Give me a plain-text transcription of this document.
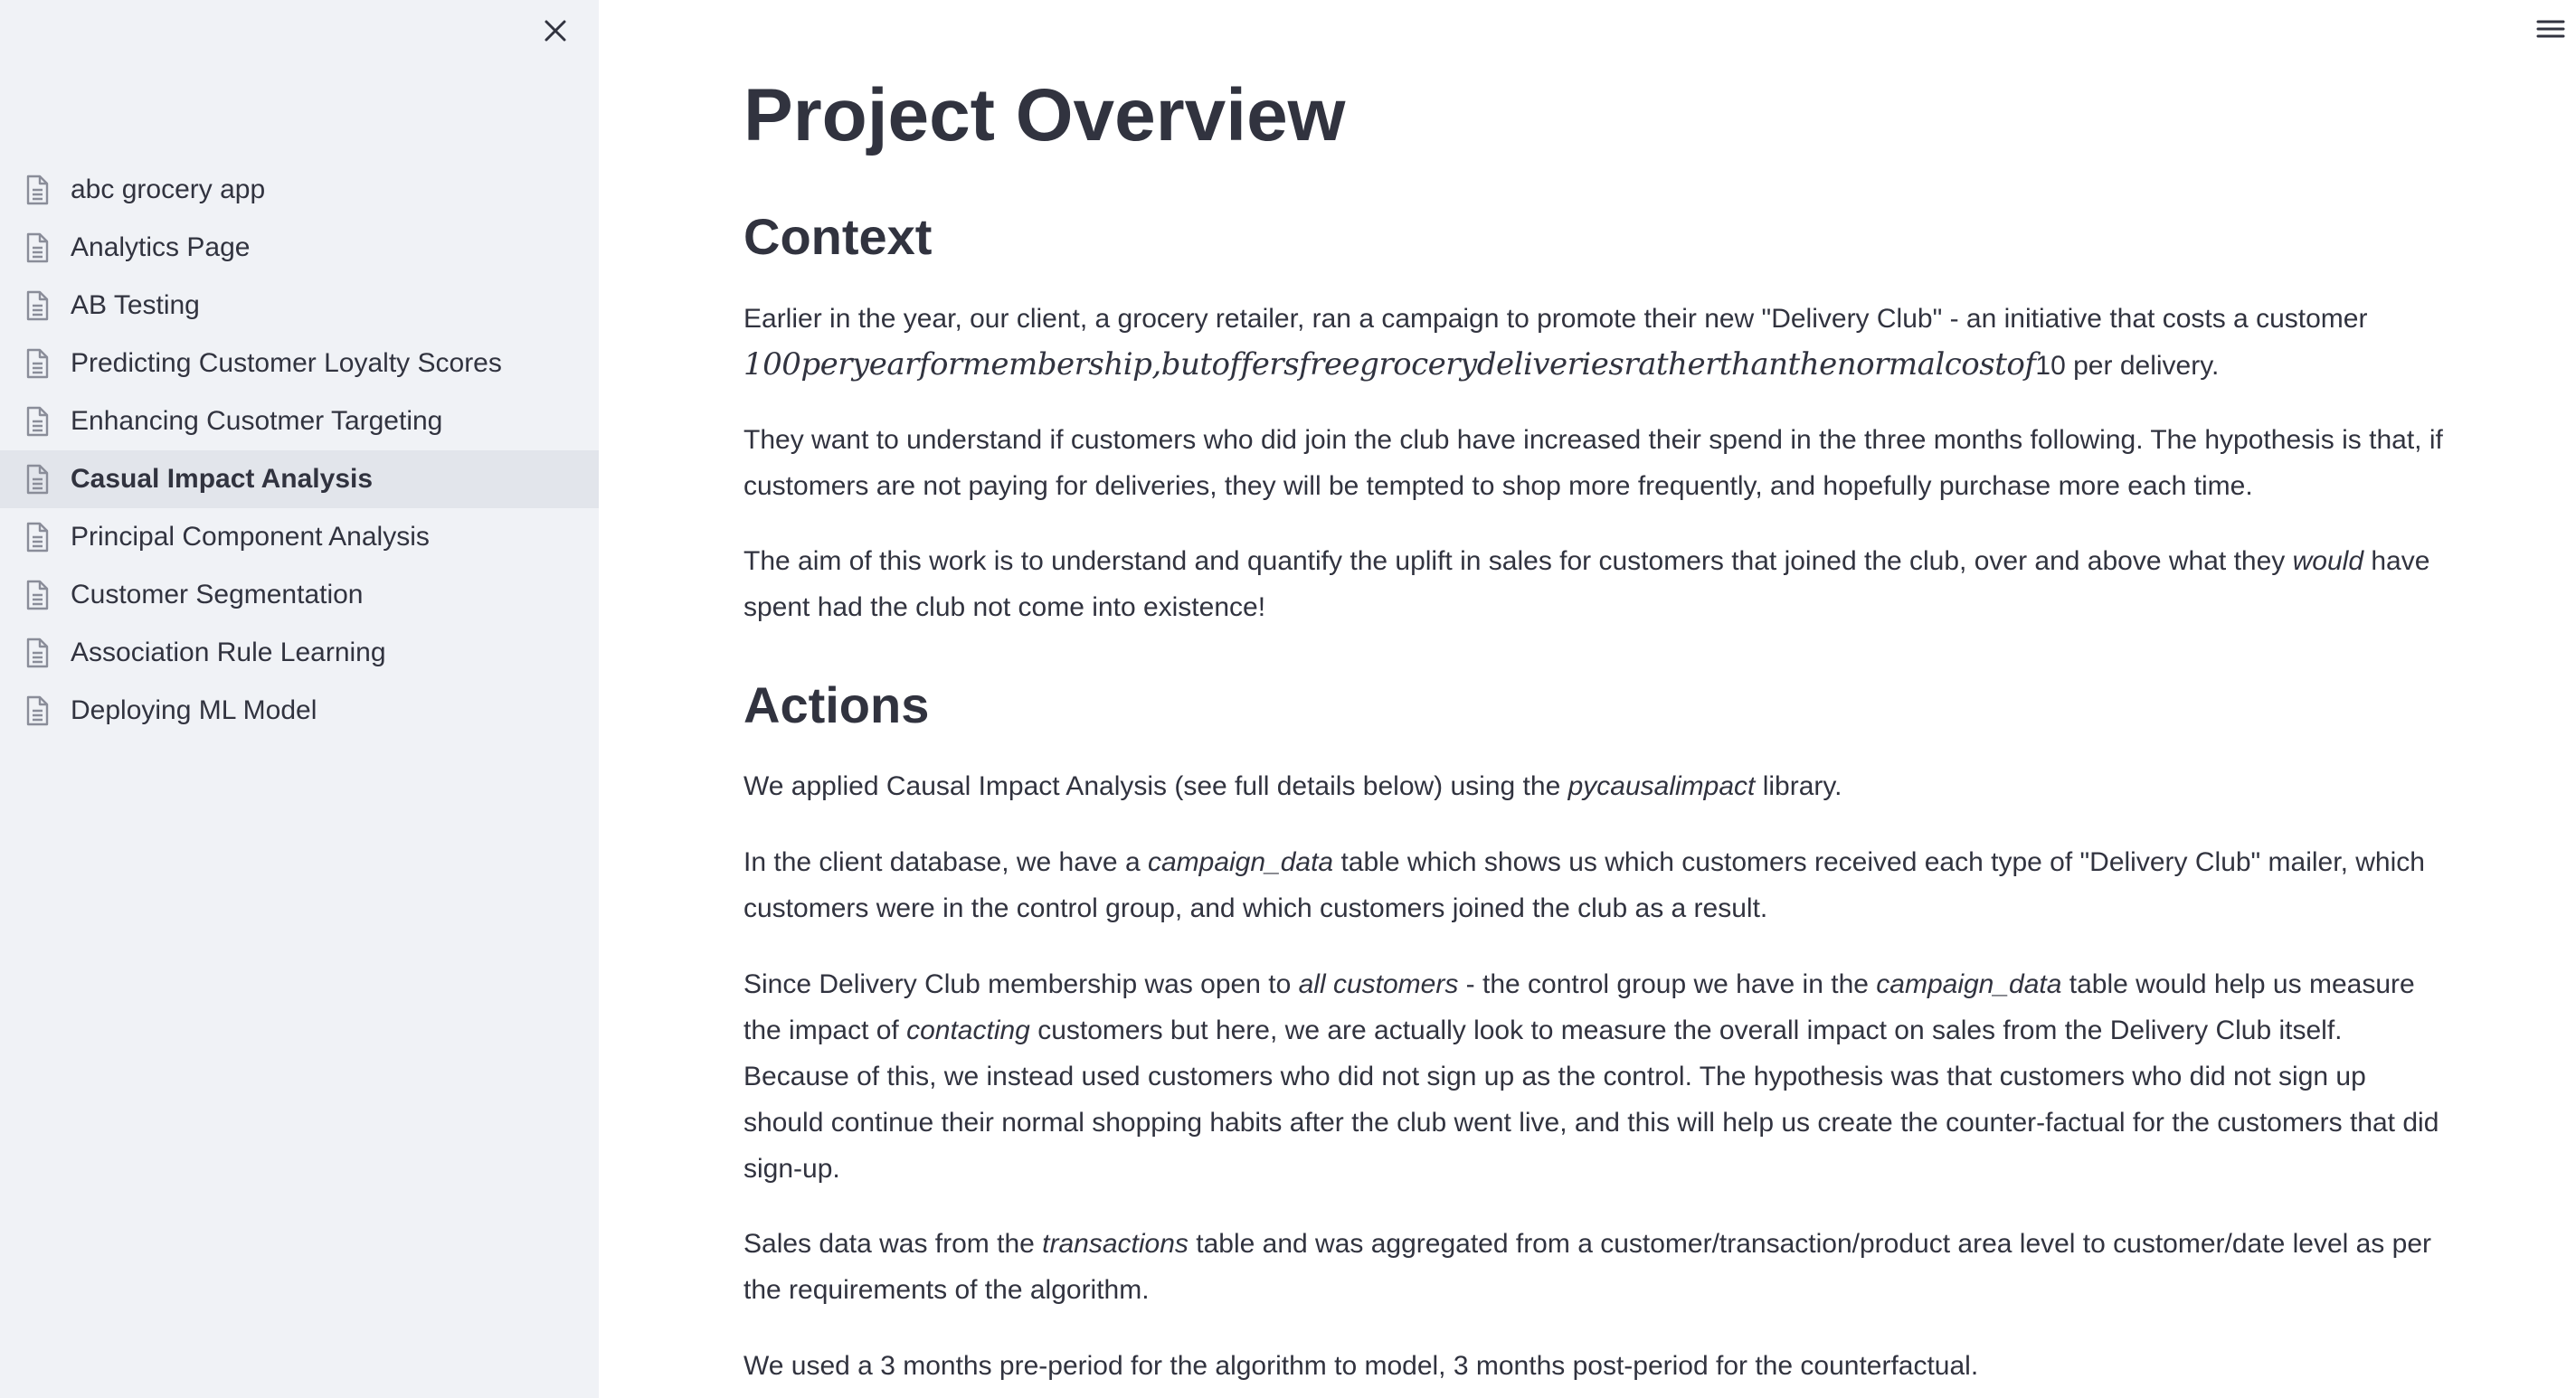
abc grocery app
Analytics Page
AB Testing
Predicting Customer Loyalty Scores
Enhancing Cusotmer Targeting
Casual Impact Analysis
Principal Component Analysis
Customer Segmentation
Association Rule Learning
Deploying ML Model
Project Overview
Context

Earlier in the year, our client, a grocery retailer, ran a campaign to promote their new "Delivery Club" - an initiative that costs a customer
100peryearformembership,butoffersfreegrocerydeliveriesratherthanthenormalcostof10 per delivery.

They want to understand if customers who did join the club have increased their spend in the three months following. The hypothesis is that, if customers are not paying for deliveries, they will be tempted to shop more frequently, and hopefully purchase more each time.

The aim of this work is to understand and quantify the uplift in sales for customers that joined the club, over and above what they would have spent had the club not come into existence!

Actions

We applied Causal Impact Analysis (see full details below) using the pycausalimpact library.

In the client database, we have a campaign_data table which shows us which customers received each type of "Delivery Club" mailer, which customers were in the control group, and which customers joined the club as a result.

Since Delivery Club membership was open to all customers - the control group we have in the campaign_data table would help us measure the impact of contacting customers but here, we are actually look to measure the overall impact on sales from the Delivery Club itself. Because of this, we instead used customers who did not sign up as the control. The hypothesis was that customers who did not sign up should continue their normal shopping habits after the club went live, and this will help us create the counter-factual for the customers that did sign-up.

Sales data was from the transactions table and was aggregated from a customer/transaction/product area level to customer/date level as per the requirements of the algorithm.

We used a 3 months pre-period for the algorithm to model, 3 months post-period for the counterfactual.
